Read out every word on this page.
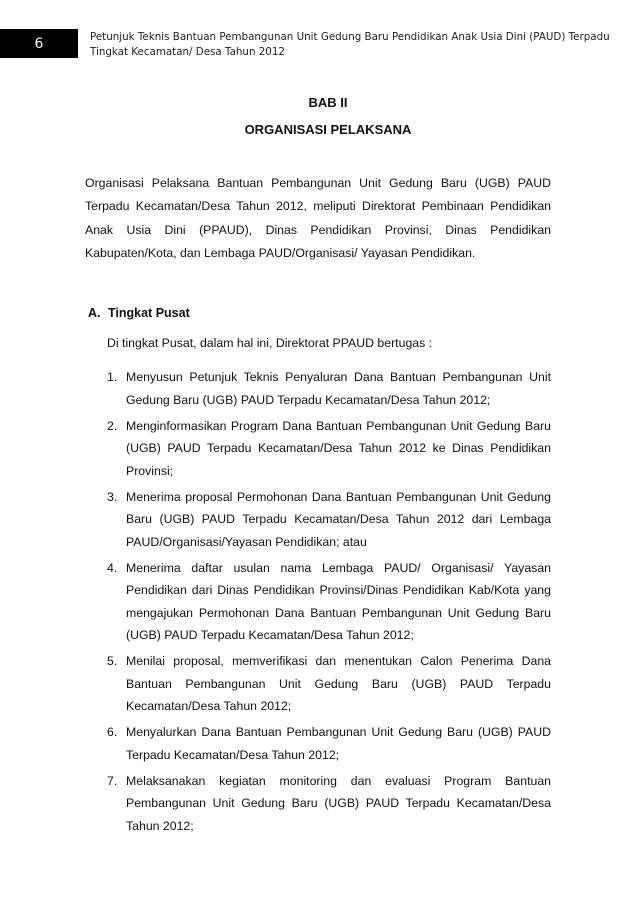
6	Petunjuk Teknis Bantuan Pembangunan Unit Gedung Baru Pendidikan Anak Usia Dini (PAUD) Terpadu
Tingkat Kecamatan/ Desa Tahun 2012
BAB II
ORGANISASI PELAKSANA

Organisasi Pelaksana Bantuan Pembangunan Unit Gedung Baru (UGB) PAUD Terpadu Kecamatan/Desa Tahun 2012, meliputi Direktorat Pembinaan Pendidikan Anak Usia Dini (PPAUD), Dinas Pendidikan Provinsi, Dinas Pendidikan Kabupaten/Kota, dan Lembaga PAUD/Organisasi/ Yayasan Pendidikan.

A. Tingkat Pusat
Di tingkat Pusat, dalam hal ini, Direktorat PPAUD bertugas :
1. Menyusun Petunjuk Teknis Penyaluran Dana Bantuan Pembangunan Unit Gedung Baru (UGB) PAUD Terpadu Kecamatan/Desa Tahun 2012;
2. Menginformasikan Program Dana Bantuan Pembangunan Unit Gedung Baru (UGB) PAUD Terpadu Kecamatan/Desa Tahun 2012 ke Dinas Pendidikan Provinsi;
3. Menerima proposal Permohonan Dana Bantuan Pembangunan Unit Gedung Baru (UGB) PAUD Terpadu Kecamatan/Desa Tahun 2012 dari Lembaga PAUD/Organisasi/Yayasan Pendidikan; atau
4. Menerima daftar usulan nama Lembaga PAUD/ Organisasi/ Yayasan Pendidikan dari Dinas Pendidikan Provinsi/Dinas Pendidikan Kab/Kota yang mengajukan Permohonan Dana Bantuan Pembangunan Unit Gedung Baru (UGB) PAUD Terpadu Kecamatan/Desa Tahun 2012;
5. Menilai proposal, memverifikasi dan menentukan Calon Penerima Dana Bantuan Pembangunan Unit Gedung Baru (UGB) PAUD Terpadu Kecamatan/Desa Tahun 2012;
6. Menyalurkan Dana Bantuan Pembangunan Unit Gedung Baru (UGB) PAUD Terpadu Kecamatan/Desa Tahun 2012;
7. Melaksanakan kegiatan monitoring dan evaluasi Program Bantuan Pembangunan Unit Gedung Baru (UGB) PAUD Terpadu Kecamatan/Desa Tahun 2012;
